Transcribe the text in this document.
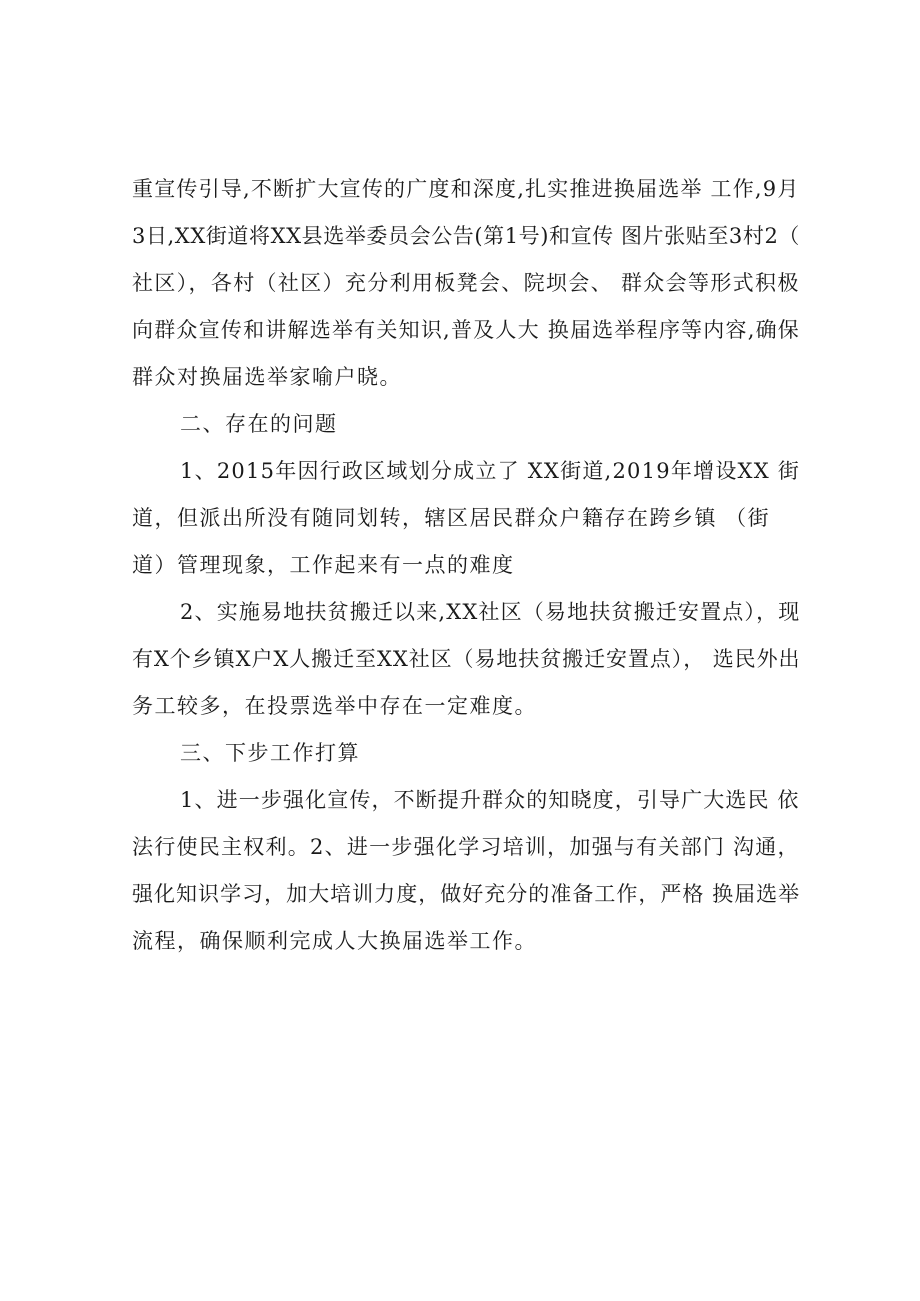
重宣传引导,不断扩大宣传的广度和深度,扎实推进换届选举 工作,9月
3日,XX街道将XX县选举委员会公告(第1号)和宣传 图片张贴至3村2（
社区），各村（社区）充分利用板凳会、院坝会、 群众会等形式积极
向群众宣传和讲解选举有关知识,普及人大 换届选举程序等内容,确保
群众对换届选举家喻户晓。
二、存在的问题
1、2015年因行政区域划分成立了 XX街道,2019年增设XX 街
道，但派出所没有随同划转，辖区居民群众户籍存在跨乡镇 （街
道）管理现象，工作起来有一点的难度
2、实施易地扶贫搬迁以来,XX社区（易地扶贫搬迁安置点），现
有X个乡镇X户X人搬迁至XX社区（易地扶贫搬迁安置点）， 选民外出
务工较多，在投票选举中存在一定难度。
三、下步工作打算
1、进一步强化宣传，不断提升群众的知晓度，引导广大选民 依
法行使民主权利。2、进一步强化学习培训，加强与有关部门 沟通，
强化知识学习，加大培训力度，做好充分的准备工作，严格 换届选举
流程，确保顺利完成人大换届选举工作。
